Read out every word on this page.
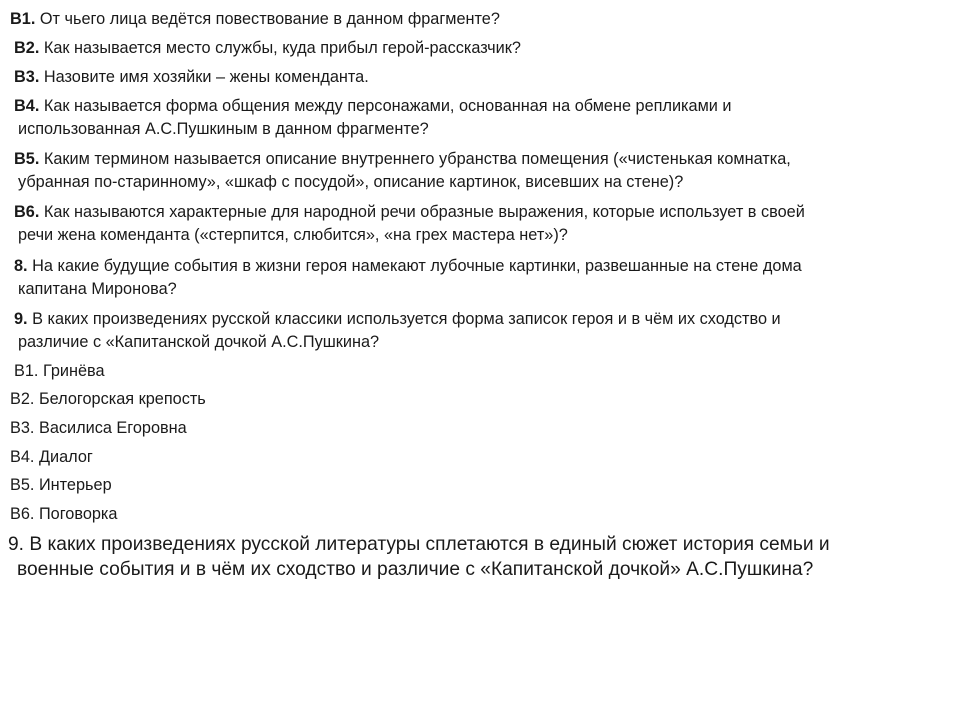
B1. От чьего лица ведётся повествование в данном фрагменте?
B2. Как называется место службы, куда прибыл герой-рассказчик?
B3. Назовите имя хозяйки – жены коменданта.
B4. Как называется форма общения между персонажами, основанная на обмене репликами и
использованная А.С.Пушкиным в данном фрагменте?
B5. Каким термином называется описание внутреннего убранства помещения («чистенькая комнатка,
убранная по-старинному», «шкаф с посудой», описание картинок, висевших на стене)?
B6. Как называются характерные для народной речи образные выражения, которые использует в своей
речи жена коменданта («стерпится, слюбится», «на грех мастера нет»)?
8. На какие будущие события в жизни героя намекают лубочные картинки, развешанные на стене дома
капитана Миронова?
9. В каких произведениях русской классики используется форма записок героя и в чём их сходство и
различие с «Капитанской дочкой А.С.Пушкина?
В1. Гринёва
В2. Белогорская крепость
В3. Василиса Егоровна
В4. Диалог
В5. Интерьер
В6. Поговорка
9. В каких произведениях русской литературы сплетаются в единый сюжет история семьи и
военные события и в чём их сходство и различие с «Капитанской дочкой» А.С.Пушкина?
